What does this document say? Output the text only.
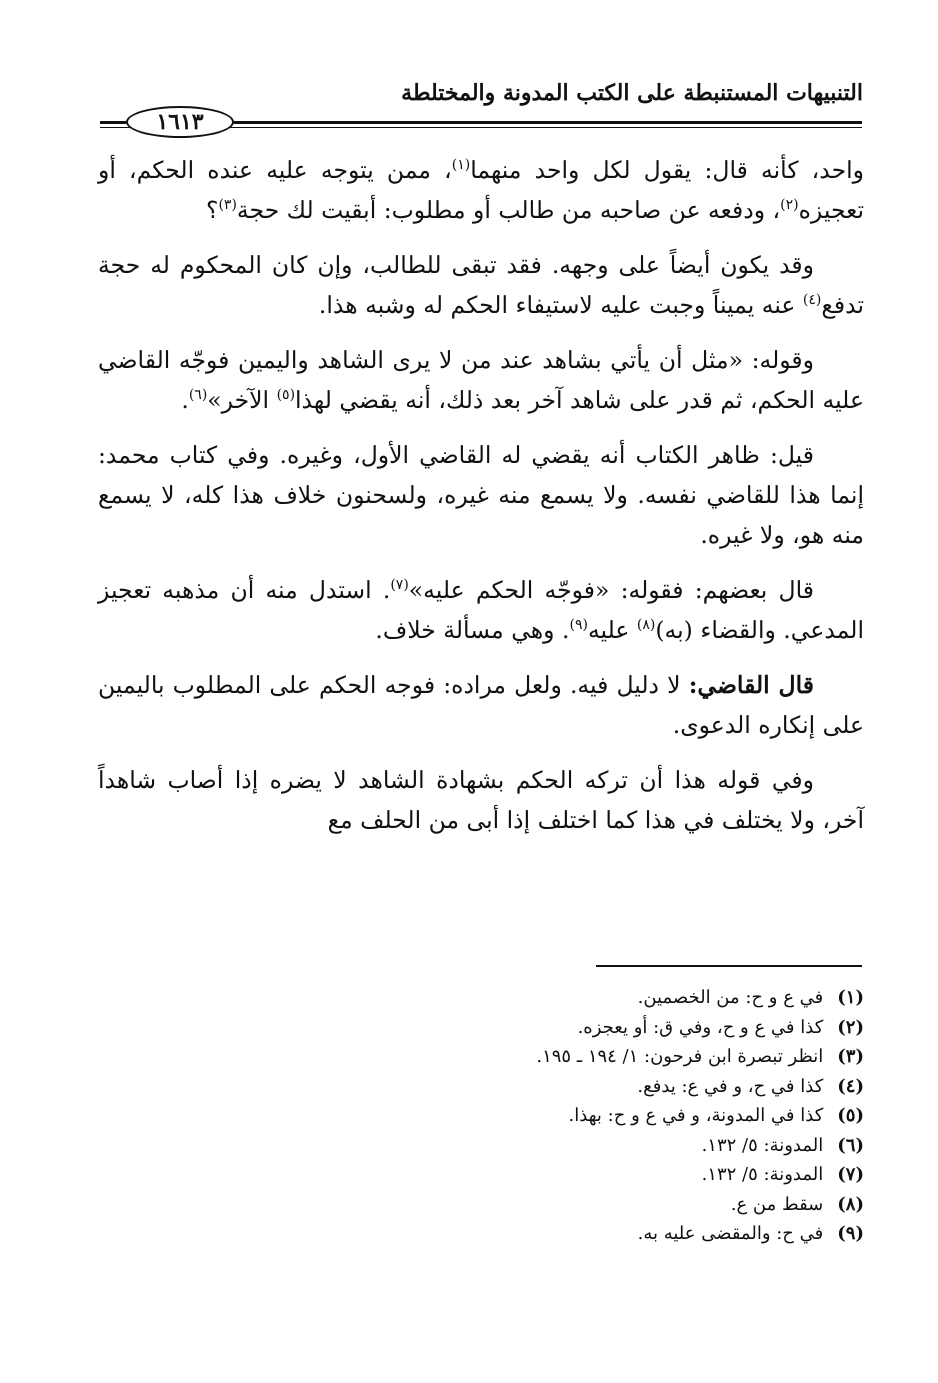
التنبيهات المستنبطة على الكتب المدونة والمختلطة
١٦١٣

واحد، كأنه قال: يقول لكل واحد منهما$^{(١)}$، ممن يتوجه عليه عنده الحكم، أو تعجيزه$^{(٢)}$، ودفعه عن صاحبه من طالب أو مطلوب: أبقيت لك حجة$^{(٣)}$؟

وقد يكون أيضاً على وجهه. فقد تبقى للطالب، وإن كان المحكوم له حجة تدفع$^{(٤)}$ عنه يميناً وجبت عليه لاستيفاء الحكم له وشبه هذا.

وقوله: «مثل أن يأتي بشاهد عند من لا يرى الشاهد واليمين فوجّه القاضي عليه الحكم، ثم قدر على شاهد آخر بعد ذلك، أنه يقضي لهذا$^{(٥)}$ الآخر»$^{(٦)}$.

قيل: ظاهر الكتاب أنه يقضي له القاضي الأول، وغيره. وفي كتاب محمد: إنما هذا للقاضي نفسه. ولا يسمع منه غيره، ولسحنون خلاف هذا كله، لا يسمع منه هو، ولا غيره.

قال بعضهم: فقوله: «فوجّه الحكم عليه»$^{(٧)}$. استدل منه أن مذهبه تعجيز المدعي. والقضاء (به)$^{(٨)}$ عليه$^{(٩)}$. وهي مسألة خلاف.

قال القاضي: لا دليل فيه. ولعل مراده: فوجه الحكم على المطلوب باليمين على إنكاره الدعوى.

وفي قوله هذا أن تركه الحكم بشهادة الشاهد لا يضره إذا أصاب شاهداً آخر، ولا يختلف في هذا كما اختلف إذا أبى من الحلف مع

(١)في ع و ح: من الخصمين.
(٢)كذا في ع و ح، وفي ق: أو يعجزه.
(٣)انظر تبصرة ابن فرحون: ١/ ١٩٤ ـ ١٩٥.
(٤)كذا في ح، و في ع: يدفع.
(٥)كذا في المدونة، و في ع و ح: بهذا.
(٦)المدونة: ٥/ ١٣٢.
(٧)المدونة: ٥/ ١٣٢.
(٨)سقط من ع.
(٩)في ح: والمقضى عليه به.
